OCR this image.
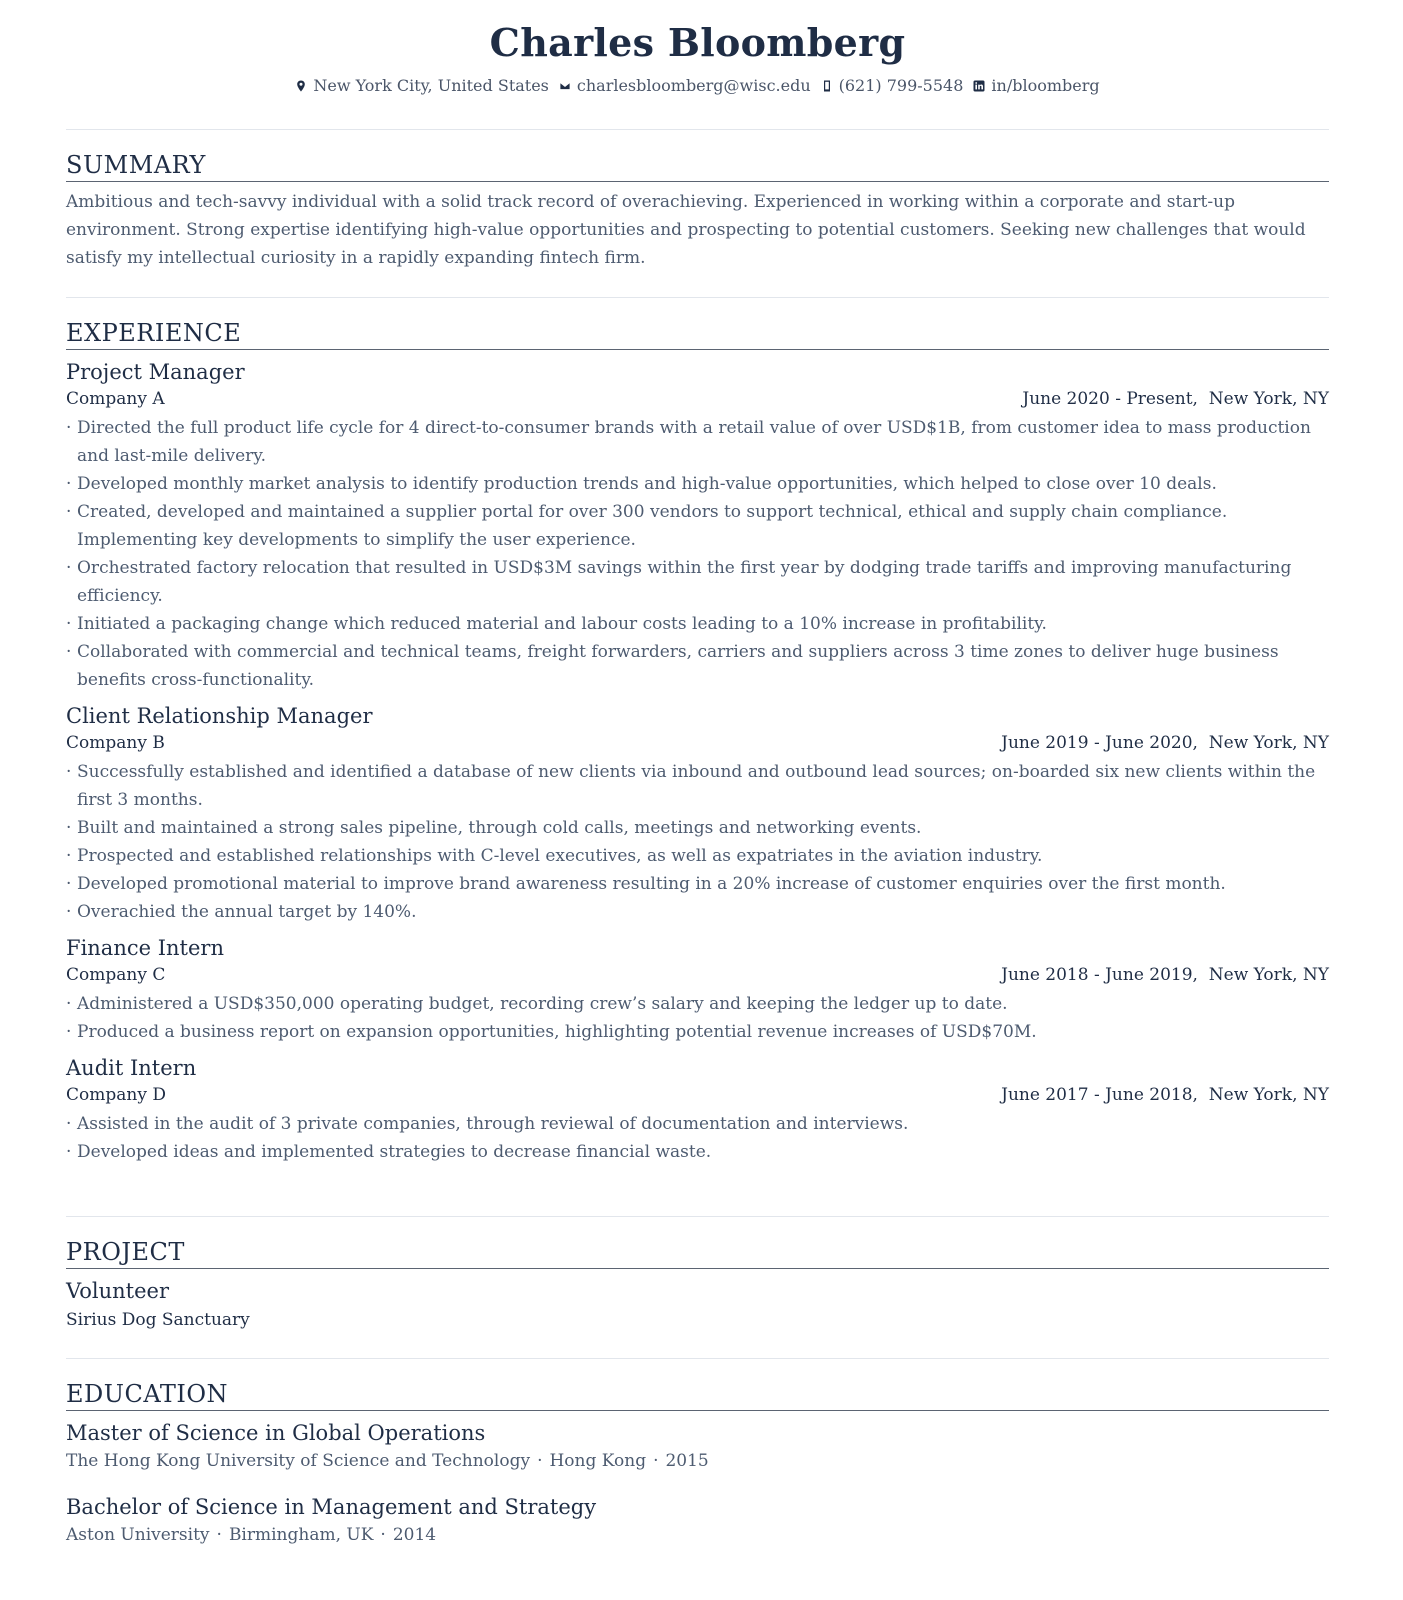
Charles Bloomberg
New York City, United States charlesbloomberg@wisc.edu (621) 799-5548 in/bloomberg
SUMMARY
Ambitious and tech-savvy individual with a solid track record of overachieving. Experienced in working within a corporate and start-up environment. Strong expertise identifying high-value opportunities and prospecting to potential customers. Seeking new challenges that would satisfy my intellectual curiosity in a rapidly expanding fintech firm.
EXPERIENCE
Project Manager
Company A	June 2020 - Present, New York, NY
· Directed the full product life cycle for 4 direct-to-consumer brands with a retail value of over USD$1B, from customer idea to mass production and last-mile delivery.
· Developed monthly market analysis to identify production trends and high-value opportunities, which helped to close over 10 deals.
· Created, developed and maintained a supplier portal for over 300 vendors to support technical, ethical and supply chain compliance. Implementing key developments to simplify the user experience.
· Orchestrated factory relocation that resulted in USD$3M savings within the first year by dodging trade tariffs and improving manufacturing efficiency.
· Initiated a packaging change which reduced material and labour costs leading to a 10% increase in profitability.
· Collaborated with commercial and technical teams, freight forwarders, carriers and suppliers across 3 time zones to deliver huge business benefits cross-functionality.
Client Relationship Manager
Company B	June 2019 - June 2020, New York, NY
· Successfully established and identified a database of new clients via inbound and outbound lead sources; on-boarded six new clients within the first 3 months.
· Built and maintained a strong sales pipeline, through cold calls, meetings and networking events.
· Prospected and established relationships with C-level executives, as well as expatriates in the aviation industry.
· Developed promotional material to improve brand awareness resulting in a 20% increase of customer enquiries over the first month.
· Overachied the annual target by 140%.
Finance Intern
Company C	June 2018 - June 2019, New York, NY
· Administered a USD$350,000 operating budget, recording crew’s salary and keeping the ledger up to date.
· Produced a business report on expansion opportunities, highlighting potential revenue increases of USD$70M.
Audit Intern
Company D	June 2017 - June 2018, New York, NY
· Assisted in the audit of 3 private companies, through reviewal of documentation and interviews.
· Developed ideas and implemented strategies to decrease financial waste.
PROJECT
Volunteer
Sirius Dog Sanctuary
EDUCATION
Master of Science in Global Operations
The Hong Kong University of Science and Technology · Hong Kong · 2015
Bachelor of Science in Management and Strategy
Aston University · Birmingham, UK · 2014
